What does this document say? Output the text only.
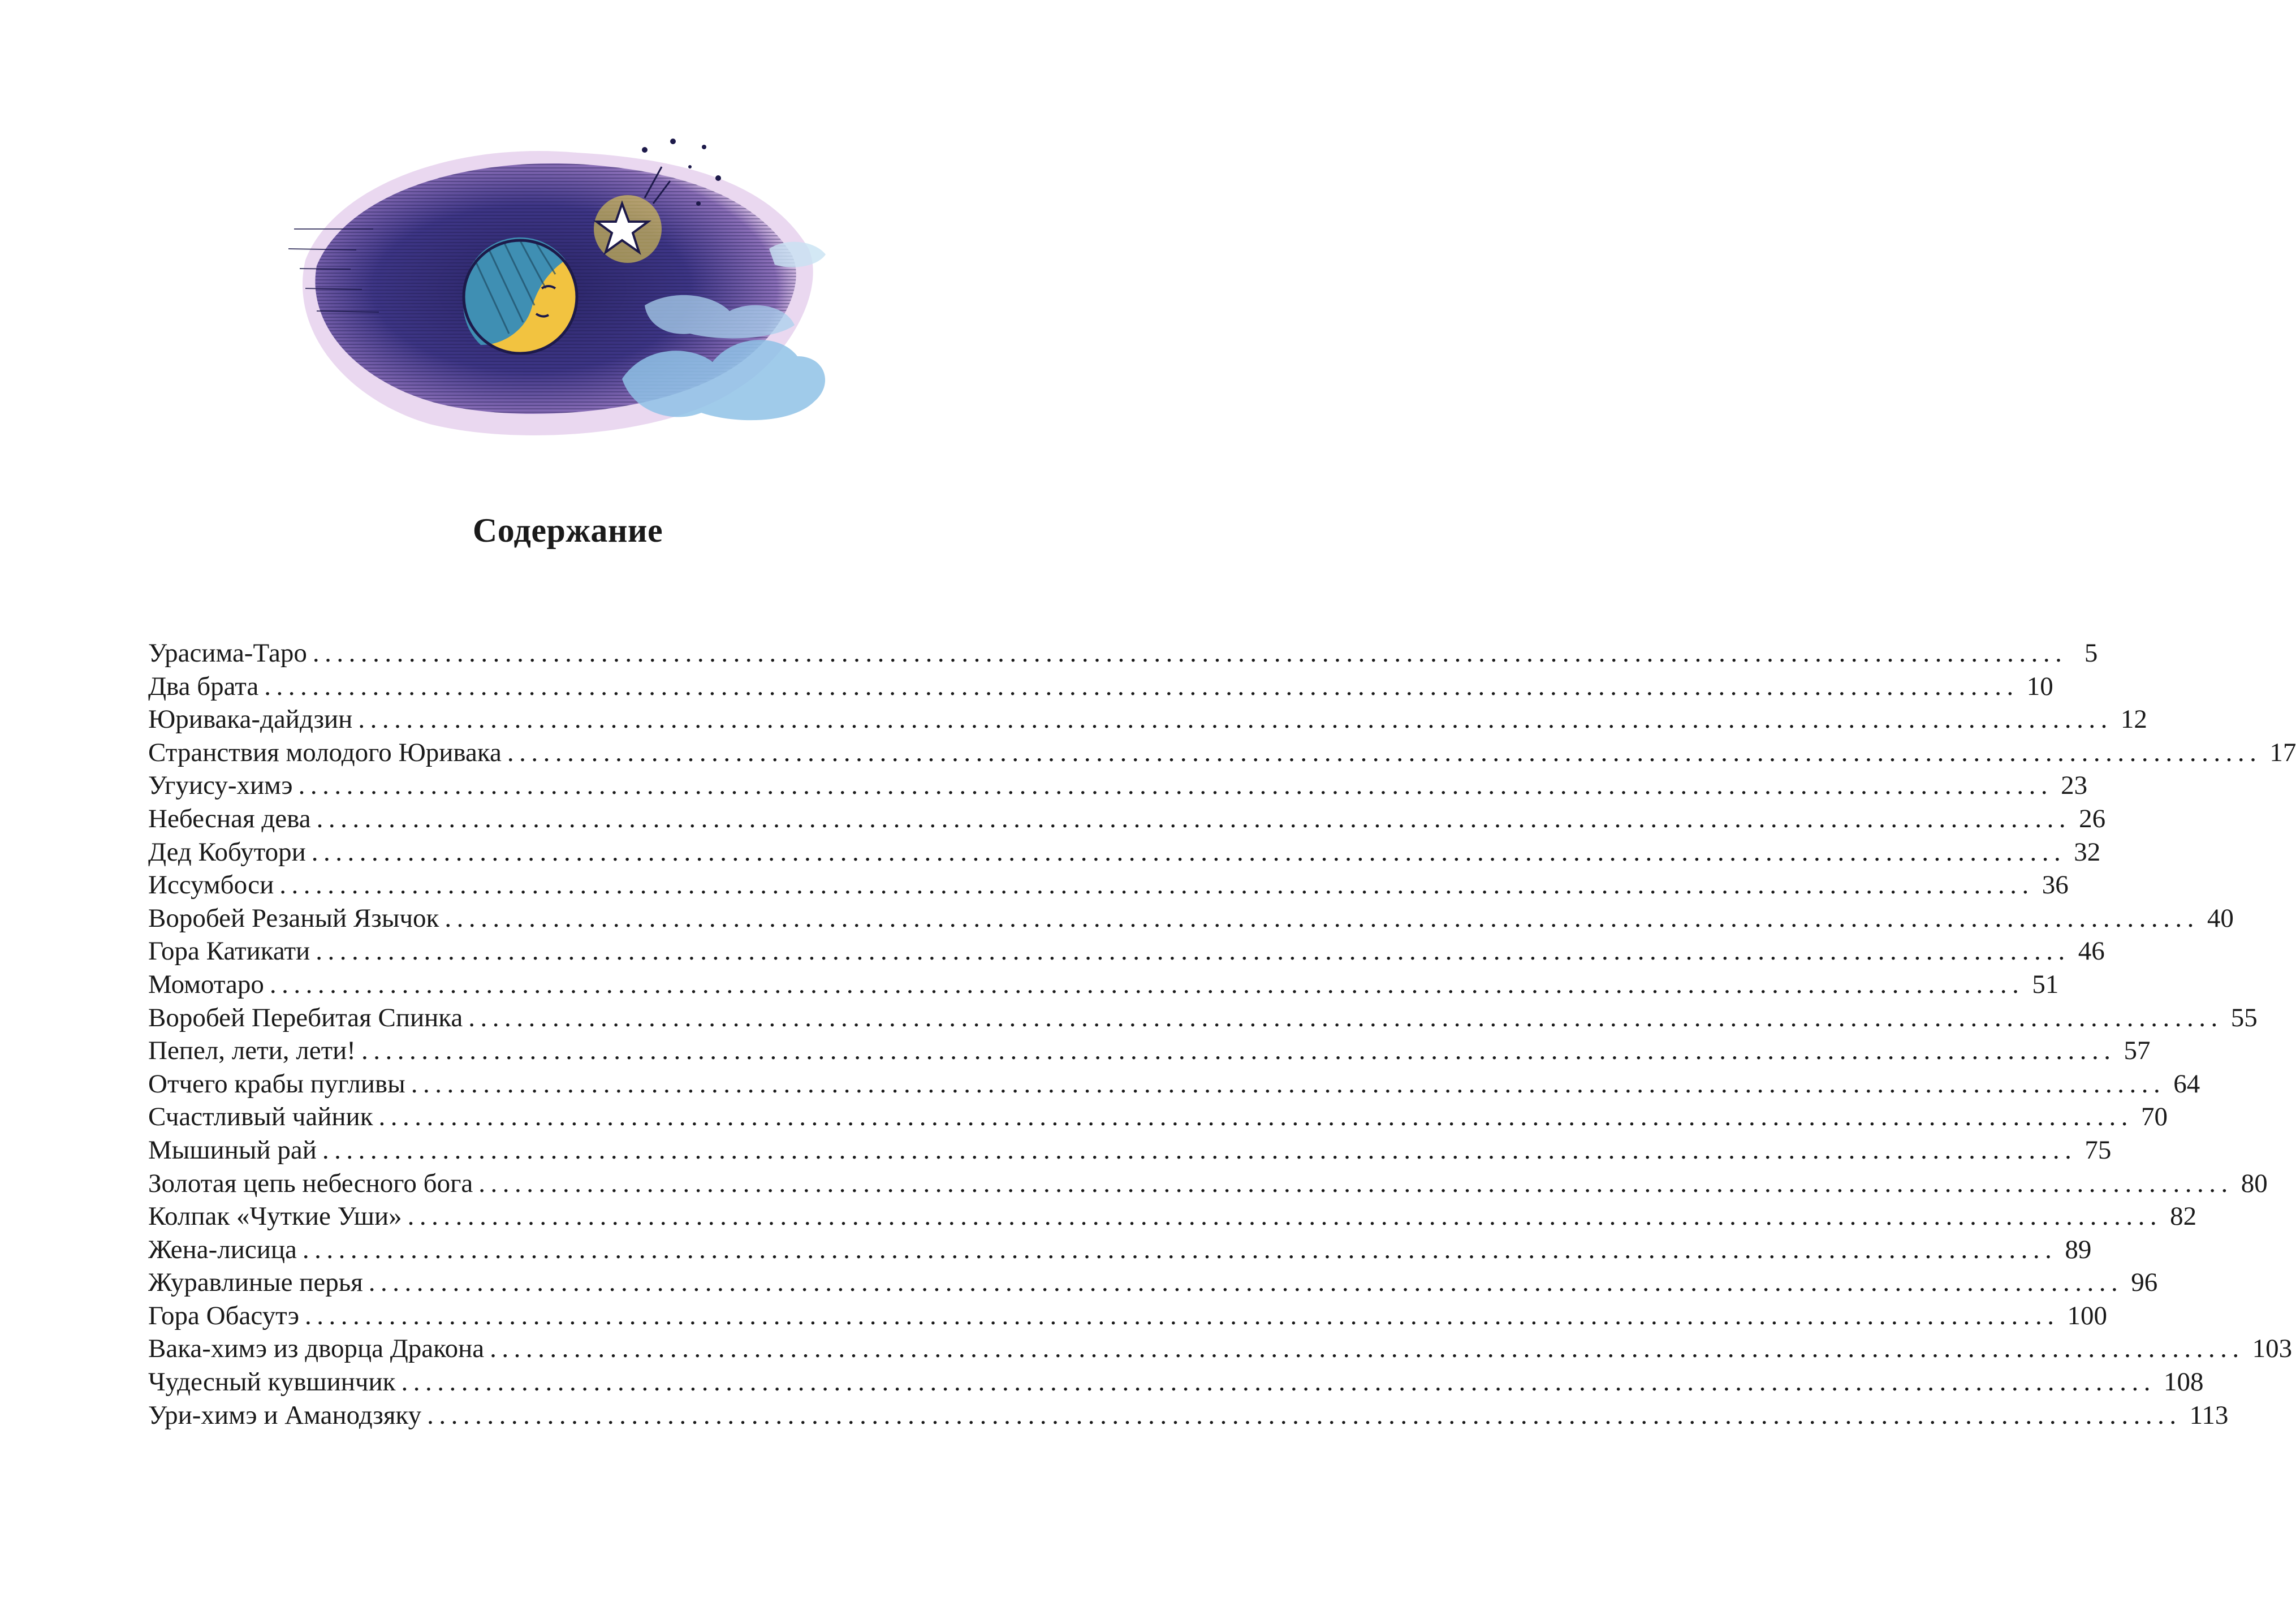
Содержание
Урасима-Таро .................................................................................................................................................. 5
Два брата .................................................................................................................................................. 10
Юривака-дайдзин .................................................................................................................................................. 12
Странствия молодого Юривака .................................................................................................................................................. 17
Угуису-химэ .................................................................................................................................................. 23
Небесная дева .................................................................................................................................................. 26
Дед Кобутори .................................................................................................................................................. 32
Иссумбоси .................................................................................................................................................. 36
Воробей Резаный Язычок .................................................................................................................................................. 40
Гора Катикати .................................................................................................................................................. 46
Момотаро .................................................................................................................................................. 51
Воробей Перебитая Спинка .................................................................................................................................................. 55
Пепел, лети, лети! .................................................................................................................................................. 57
Отчего крабы пугливы .................................................................................................................................................. 64
Счастливый чайник .................................................................................................................................................. 70
Мышиный рай .................................................................................................................................................. 75
Золотая цепь небесного бога .................................................................................................................................................. 80
Колпак «Чуткие Уши» .................................................................................................................................................. 82
Жена-лисица .................................................................................................................................................. 89
Журавлиные перья .................................................................................................................................................. 96
Гора Обасутэ .................................................................................................................................................. 100
Вака-химэ из дворца Дракона .................................................................................................................................................. 103
Чудесный кувшинчик .................................................................................................................................................. 108
Ури-химэ и Аманодзяку .................................................................................................................................................. 113
